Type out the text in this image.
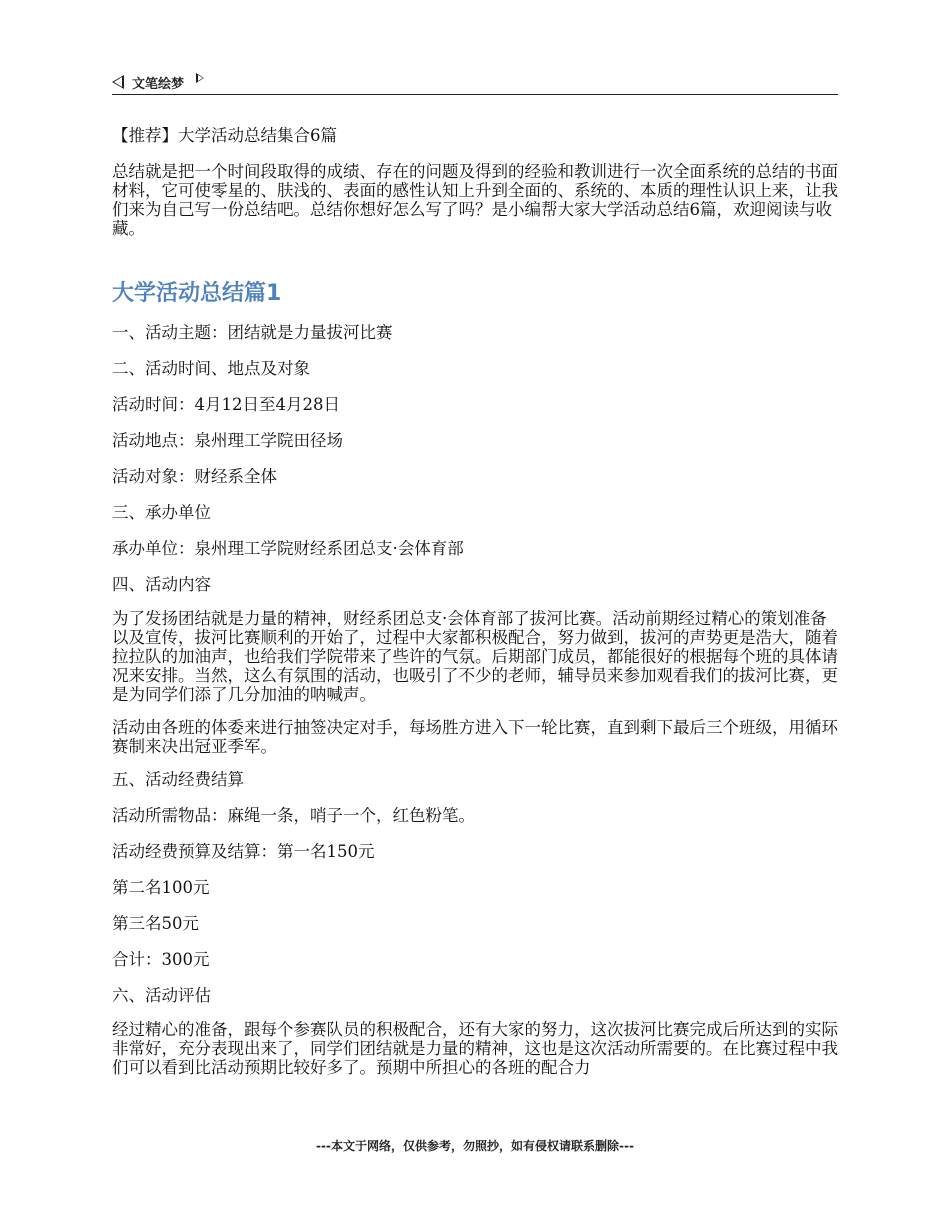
文笔绘梦

【推荐】大学活动总结集合6篇

总结就是把一个时间段取得的成绩、存在的问题及得到的经验和教训进行一次全面系统的总结的书面材料，它可使零星的、肤浅的、表面的感性认知上升到全面的、系统的、本质的理性认识上来，让我们来为自己写一份总结吧。总结你想好怎么写了吗？是小编帮大家大学活动总结6篇，欢迎阅读与收藏。

大学活动总结篇1

一、活动主题：团结就是力量拔河比赛

二、活动时间、地点及对象

活动时间：4月12日至4月28日

活动地点：泉州理工学院田径场

活动对象：财经系全体

三、承办单位

承办单位：泉州理工学院财经系团总支·会体育部

四、活动内容

为了发扬团结就是力量的精神，财经系团总支·会体育部了拔河比赛。活动前期经过精心的策划准备以及宣传，拔河比赛顺利的开始了，过程中大家都积极配合，努力做到，拔河的声势更是浩大，随着拉拉队的加油声，也给我们学院带来了些许的气氛。后期部门成员，都能很好的根据每个班的具体请况来安排。当然，这么有氛围的活动，也吸引了不少的老师，辅导员来参加观看我们的拔河比赛，更是为同学们添了几分加油的呐喊声。

活动由各班的体委来进行抽签决定对手，每场胜方进入下一轮比赛，直到剩下最后三个班级，用循环赛制来决出冠亚季军。

五、活动经费结算

活动所需物品：麻绳一条，哨子一个，红色粉笔。

活动经费预算及结算：第一名150元

第二名100元

第三名50元

合计：300元

六、活动评估

经过精心的准备，跟每个参赛队员的积极配合，还有大家的努力，这次拔河比赛完成后所达到的实际非常好，充分表现出来了，同学们团结就是力量的精神，这也是这次活动所需要的。在比赛过程中我们可以看到比活动预期比较好多了。预期中所担心的各班的配合力

---本文于网络，仅供参考，勿照抄，如有侵权请联系删除---
